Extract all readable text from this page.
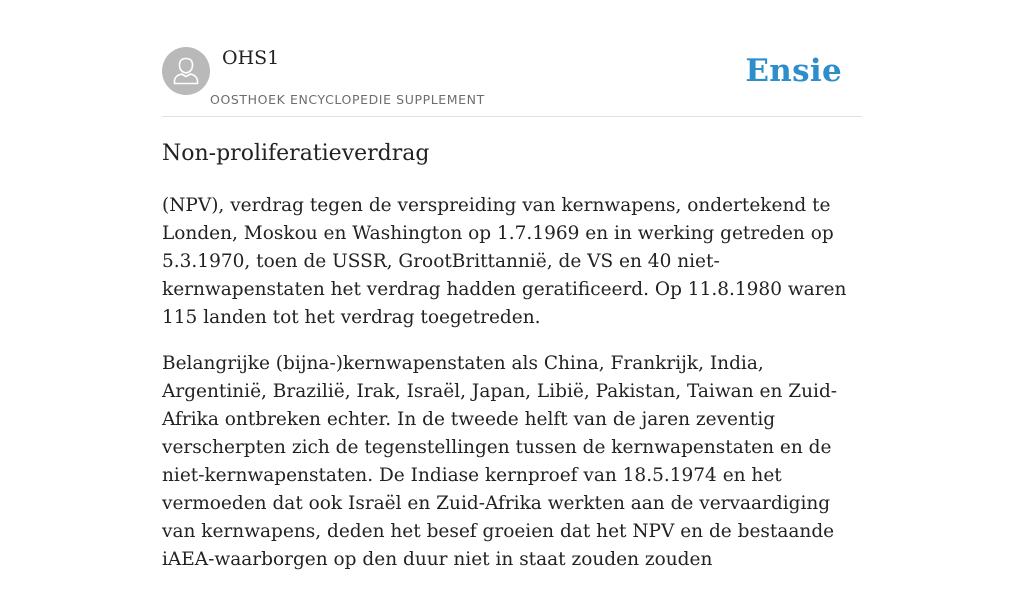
OHS1
OOSTHOEK ENCYCLOPEDIE SUPPLEMENT
Ensie
Non-proliferatieverdrag

(NPV), verdrag tegen de verspreiding van kernwapens, ondertekend te Londen, Moskou en Washington op 1.7.1969 en in werking getreden op 5.3.1970, toen de USSR, GrootBrittannië, de VS en 40 niet-kernwapenstaten het verdrag hadden geratificeerd. Op 11.8.1980 waren 115 landen tot het verdrag toegetreden.

Belangrijke (bijna-)kernwapenstaten als China, Frankrijk, India, Argentinië, Brazilië, Irak, Israël, Japan, Libië, Pakistan, Taiwan en Zuid-Afrika ontbreken echter. In de tweede helft van de jaren zeventig verscherpten zich de tegenstellingen tussen de kernwapenstaten en de niet-kernwapenstaten. De Indiase kernproef van 18.5.1974 en het vermoeden dat ook Israël en Zuid-Afrika werkten aan de vervaardiging van kernwapens, deden het besef groeien dat het NPV en de bestaande iAEA-waarborgen op den duur niet in staat zouden zouden
